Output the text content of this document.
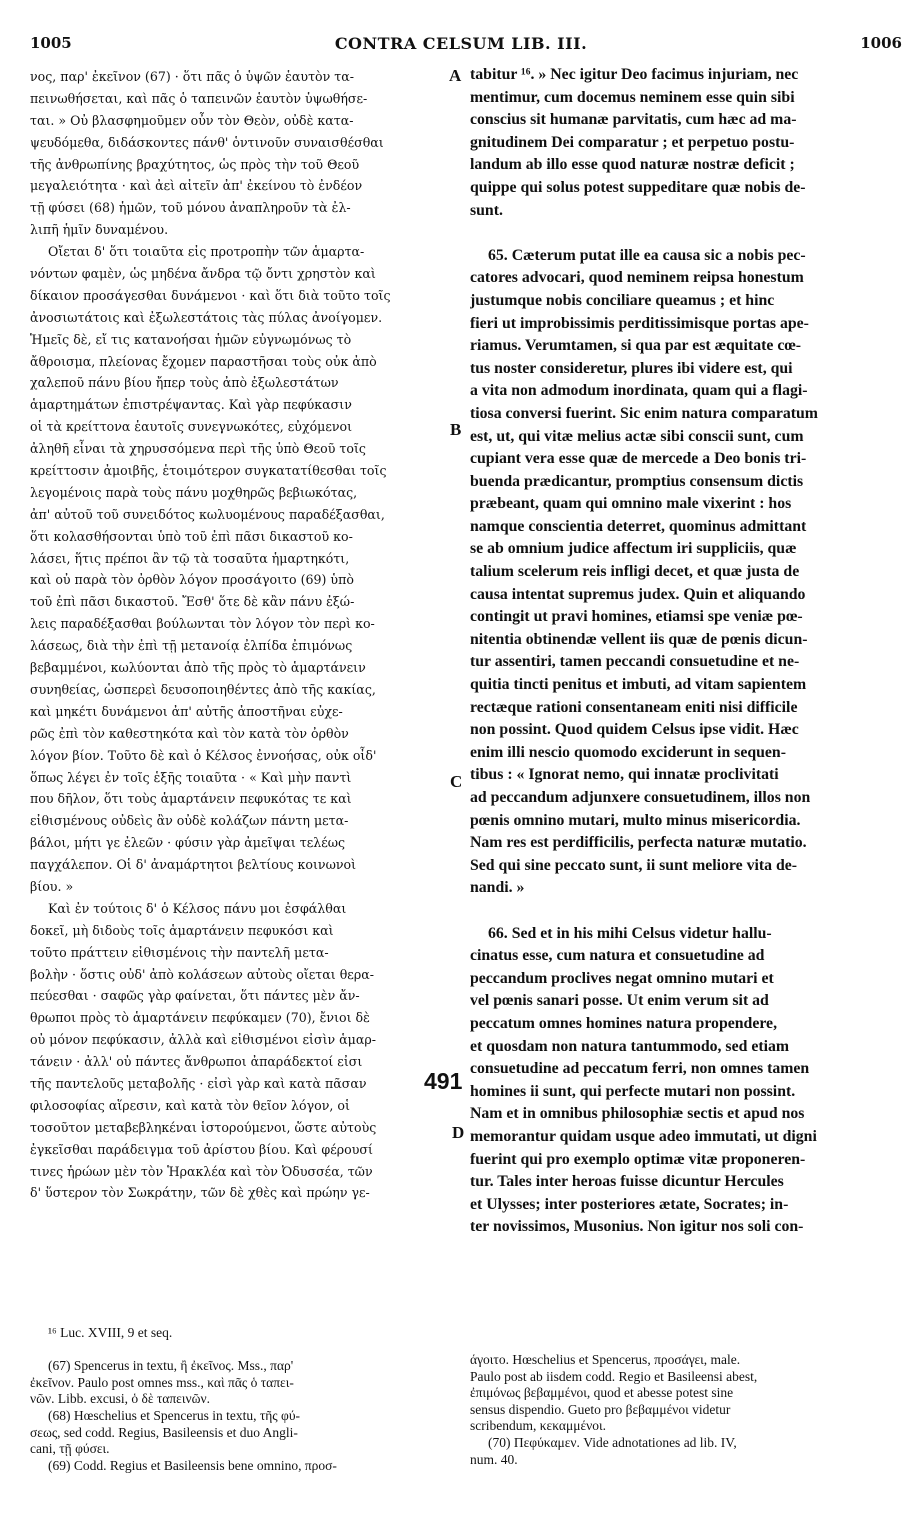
1005	CONTRA CELSUM LIB. III.	1006
νος, παρ' ἐκεῖνον (67) · ὅτι πᾶς ὁ ὑψῶν ἑαυτὸν τα-
πεινωθήσεται, καὶ πᾶς ὁ ταπεινῶν ἑαυτὸν ὑψωθήσε-
ται. » Οὐ βλασφημοῦμεν οὖν τὸν Θεὸν, οὐδὲ κατα-
ψευδόμεθα, διδάσκοντες πάνθ' ὁντινοῦν συναισθέσθαι
τῆς ἀνθρωπίνης βραχύτητος, ὡς πρὸς τὴν τοῦ Θεοῦ
μεγαλειότητα · καὶ ἀεὶ αἰτεῖν ἀπ' ἐκείνου τὸ ἐνδέον
τῇ φύσει (68) ἡμῶν, τοῦ μόνου ἀναπληροῦν τὰ ἐλ-
λιπῆ ἡμῖν δυναμένου.
Οἴεται δ' ὅτι τοιαῦτα εἰς προτροπὴν τῶν ἁμαρτα-
νόντων φαμὲν, ὡς μηδένα ἄνδρα τῷ ὄντι χρηστὸν καὶ
δίκαιον προσάγεσθαι δυνάμενοι · καὶ ὅτι διὰ τοῦτο τοῖς
ἀνοσιωτάτοις καὶ ἐξωλεστάτοις τὰς πύλας ἀνοίγομεν.
Ἡμεῖς δὲ, εἴ τις κατανοήσαι ἡμῶν εὐγνωμόνως τὸ
ἄθροισμα, πλείονας ἔχομεν παραστῆσαι τοὺς οὐκ ἀπὸ
χαλεποῦ πάνυ βίου ἤπερ τοὺς ἀπὸ ἐξωλεστάτων
ἁμαρτημάτων ἐπιστρέψαντας. Καὶ γὰρ πεφύκασιν
οἱ τὰ κρείττονα ἑαυτοῖς συνεγνωκότες, εὐχόμενοι
ἀληθῆ εἶναι τὰ χηρυσσόμενα περὶ τῆς ὑπὸ Θεοῦ τοῖς
κρείττοσιν ἀμοιβῆς, ἑτοιμότερον συγκατατίθεσθαι τοῖς
λεγομένοις παρὰ τοὺς πάνυ μοχθηρῶς βεβιωκότας,
ἀπ' αὐτοῦ τοῦ συνειδότος κωλυομένους παραδέξασθαι,
ὅτι κολασθήσονται ὑπὸ τοῦ ἐπὶ πᾶσι δικαστοῦ κο-
λάσει, ἥτις πρέποι ἂν τῷ τὰ τοσαῦτα ἡμαρτηκότι,
καὶ οὐ παρὰ τὸν ὀρθὸν λόγον προσάγοιτο (69) ὑπὸ
τοῦ ἐπὶ πᾶσι δικαστοῦ. Ἔσθ' ὅτε δὲ κἂν πάνυ ἐξώ-
λεις παραδέξασθαι βούλωνται τὸν λόγον τὸν περὶ κο-
λάσεως, διὰ τὴν ἐπὶ τῇ μετανοίᾳ ἐλπίδα ἐπιμόνως
βεβαμμένοι, κωλύονται ἀπὸ τῆς πρὸς τὸ ἁμαρτάνειν
συνηθείας, ὡσπερεὶ δευσοποιηθέντες ἀπὸ τῆς κακίας,
καὶ μηκέτι δυνάμενοι ἀπ' αὐτῆς ἀποστῆναι εὐχε-
ρῶς ἐπὶ τὸν καθεστηκότα καὶ τὸν κατὰ τὸν ὀρθὸν
λόγον βίον. Τοῦτο δὲ καὶ ὁ Κέλσος ἐννοήσας, οὐκ οἶδ'
ὅπως λέγει ἐν τοῖς ἑξῆς τοιαῦτα · « Καὶ μὴν παντὶ
που δῆλον, ὅτι τοὺς ἁμαρτάνειν πεφυκότας τε καὶ
εἰθισμένους οὐδεὶς ἂν οὐδὲ κολάζων πάντη μετα-
βάλοι, μήτι γε ἐλεῶν · φύσιν γὰρ ἀμεῖψαι τελέως
παγχάλεπον. Οἱ δ' ἀναμάρτητοι βελτίους κοινωνοὶ
βίου. »
Καὶ ἐν τούτοις δ' ὁ Κέλσος πάνυ μοι ἐσφάλθαι
δοκεῖ, μὴ διδοὺς τοῖς ἁμαρτάνειν πεφυκόσι καὶ
τοῦτο πράττειν εἰθισμένοις τὴν παντελῆ μετα-
βολὴν · ὅστις οὐδ' ἀπὸ κολάσεων αὐτοὺς οἴεται θερα-
πεύεσθαι · σαφῶς γὰρ φαίνεται, ὅτι πάντες μὲν ἄν-
θρωποι πρὸς τὸ ἁμαρτάνειν πεφύκαμεν (70), ἔνιοι δὲ
οὐ μόνον πεφύκασιν, ἀλλὰ καὶ εἰθισμένοι εἰσὶν ἁμαρ-
τάνειν · ἀλλ' οὐ πάντες ἄνθρωποι ἀπαράδεκτοί εἰσι
τῆς παντελοῦς μεταβολῆς · εἰσὶ γὰρ καὶ κατὰ πᾶσαν
φιλοσοφίας αἵρεσιν, καὶ κατὰ τὸν θεῖον λόγον, οἱ
τοσοῦτον μεταβεβληκέναι ἱστορούμενοι, ὥστε αὐτοὺς
ἐγκεῖσθαι παράδειγμα τοῦ ἀρίστου βίου. Καὶ φέρουσί
τινες ἡρώων μὲν τὸν Ἡρακλέα καὶ τὸν Ὀδυσσέα, τῶν
δ' ὕστερον τὸν Σωκράτην, τῶν δὲ χθὲς καὶ πρώην γε-
tabitur ¹⁶. » Nec igitur Deo facimus injuriam, nec
mentimur, cum docemus neminem esse quin sibi
conscius sit humanæ parvitatis, cum hæc ad ma-
gnitudinem Dei comparatur ; et perpetuo postu-
landum ab illo esse quod naturæ nostræ deficit ;
quippe qui solus potest suppeditare quæ nobis de-
sunt.
65. Cæterum putat ille ea causa sic a nobis pec-
catores advocari, quod neminem reipsa honestum
justumque nobis conciliare queamus ; et hinc
fieri ut improbissimis perditissimisque portas ape-
riamus. Verumtamen, si qua par est æquitate cœ-
tus noster consideretur, plures ibi videre est, qui
a vita non admodum inordinata, quam qui a flagi-
tiosa conversi fuerint. Sic enim natura comparatum
est, ut, qui vitæ melius actæ sibi conscii sunt, cum
cupiant vera esse quæ de mercede a Deo bonis tri-
buenda prædicantur, promptius consensum dictis
præbeant, quam qui omnino male vixerint : hos
namque conscientia deterret, quominus admittant
se ab omnium judice affectum iri suppliciis, quæ
talium scelerum reis infligi decet, et quæ justa de
causa intentat supremus judex. Quin et aliquando
contingit ut pravi homines, etiamsi spe veniæ pœ-
nitentia obtinendæ vellent iis quæ de pœnis dicun-
tur assentiri, tamen peccandi consuetudine et ne-
quitia tincti penitus et imbuti, ad vitam sapientem
rectæque rationi consentaneam eniti nisi difficile
non possint. Quod quidem Celsus ipse vidit. Hæc
enim illi nescio quomodo exciderunt in sequen-
tibus : « Ignorat nemo, qui innatæ proclivitati
ad peccandum adjunxere consuetudinem, illos non
pœnis omnino mutari, multo minus misericordia.
Nam res est perdifficilis, perfecta naturæ mutatio.
Sed qui sine peccato sunt, ii sunt meliore vita de-
nandi. »
66. Sed et in his mihi Celsus videtur hallu-
cinatus esse, cum natura et consuetudine ad
peccandum proclives negat omnino mutari et
vel pœnis sanari posse. Ut enim verum sit ad
peccatum omnes homines natura propendere,
et quosdam non natura tantummodo, sed etiam
consuetudine ad peccatum ferri, non omnes tamen
homines ii sunt, qui perfecte mutari non possint.
Nam et in omnibus philosophiæ sectis et apud nos
memorantur quidam usque adeo immutati, ut digni
fuerint qui pro exemplo optimæ vitæ proponeren-
tur. Tales inter heroas fuisse dicuntur Hercules
et Ulysses; inter posteriores ætate, Socrates; in-
ter novissimos, Musonius. Non igitur nos soli con-
A
B
C
D
491
¹⁶ Luc. XVIII, 9 et seq.
(67) Spencerus in textu, ἢ ἐκεῖνος. Mss., παρ'
ἐκεῖνον. Paulo post omnes mss., καὶ πᾶς ὁ ταπει-
νῶν. Libb. excusi, ὁ δὲ ταπεινῶν.
(68) Hœschelius et Spencerus in textu, τῆς φύ-
σεως, sed codd. Regius, Basileensis et duo Angli-
cani, τῇ φύσει.
(69) Codd. Regius et Basileensis bene omnino, προσ-
άγοιτο. Hœschelius et Spencerus, προσάγει, male.
Paulo post ab iisdem codd. Regio et Basileensi abest,
ἐπιμόνως βεβαμμένοι, quod et abesse potest sine
sensus dispendio. Gueto pro βεβαμμένοι videtur
scribendum, κεκαμμένοι.
(70) Πεφύκαμεν. Vide adnotationes ad lib. IV,
num. 40.
